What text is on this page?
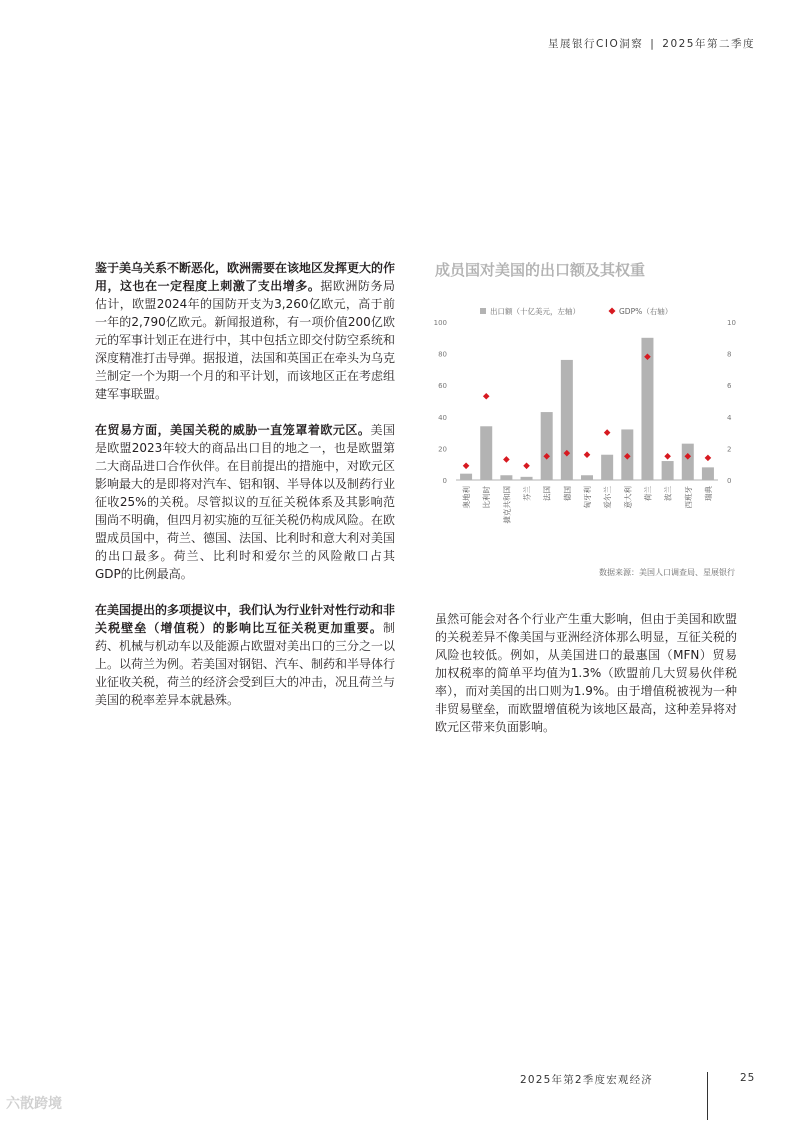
星展银行CIO洞察 | 2025年第二季度

鉴于美乌关系不断恶化，欧洲需要在该地区发挥更大的作用，这也在一定程度上刺激了支出增多。据欧洲防务局估计，欧盟2024年的国防开支为3,260亿欧元，高于前一年的2,790亿欧元。新闻报道称，有一项价值200亿欧元的军事计划正在进行中，其中包括立即交付防空系统和深度精准打击导弹。据报道，法国和英国正在牵头为乌克兰制定一个为期一个月的和平计划，而该地区正在考虑组建军事联盟。

在贸易方面，美国关税的威胁一直笼罩着欧元区。美国是欧盟2023年较大的商品出口目的地之一，也是欧盟第二大商品进口合作伙伴。在目前提出的措施中，对欧元区影响最大的是即将对汽车、铝和钢、半导体以及制药行业征收25%的关税。尽管拟议的互征关税体系及其影响范围尚不明确，但四月初实施的互征关税仍构成风险。在欧盟成员国中，荷兰、德国、法国、比利时和意大利对美国的出口最多。荷兰、比利时和爱尔兰的风险敞口占其GDP的比例最高。

在美国提出的多项提议中，我们认为行业针对性行动和非关税壁垒（增值税）的影响比互征关税更加重要。制药、机械与机动车以及能源占欧盟对美出口的三分之一以上。以荷兰为例。若美国对钢铝、汽车、制药和半导体行业征收关税，荷兰的经济会受到巨大的冲击，况且荷兰与美国的税率差异本就悬殊。

成员国对美国的出口额及其权重
0
20
40
60
80
100
0
2
4
6
8
10
奥地利 比利时 捷克共和国 芬兰 法国 德国 匈牙利 爱尔兰 意大利 荷兰 波兰 西班牙 瑞典
出口额（十亿美元，左轴）	GDP%（右轴）
数据来源：美国人口调查局、星展银行

虽然可能会对各个行业产生重大影响，但由于美国和欧盟的关税差异不像美国与亚洲经济体那么明显，互征关税的风险也较低。例如，从美国进口的最惠国（MFN）贸易加权税率的简单平均值为1.3%（欧盟前几大贸易伙伴税率），而对美国的出口则为1.9%。由于增值税被视为一种非贸易壁垒，而欧盟增值税为该地区最高，这种差异将对欧元区带来负面影响。

2025年第2季度宏观经济	25
六散跨境
